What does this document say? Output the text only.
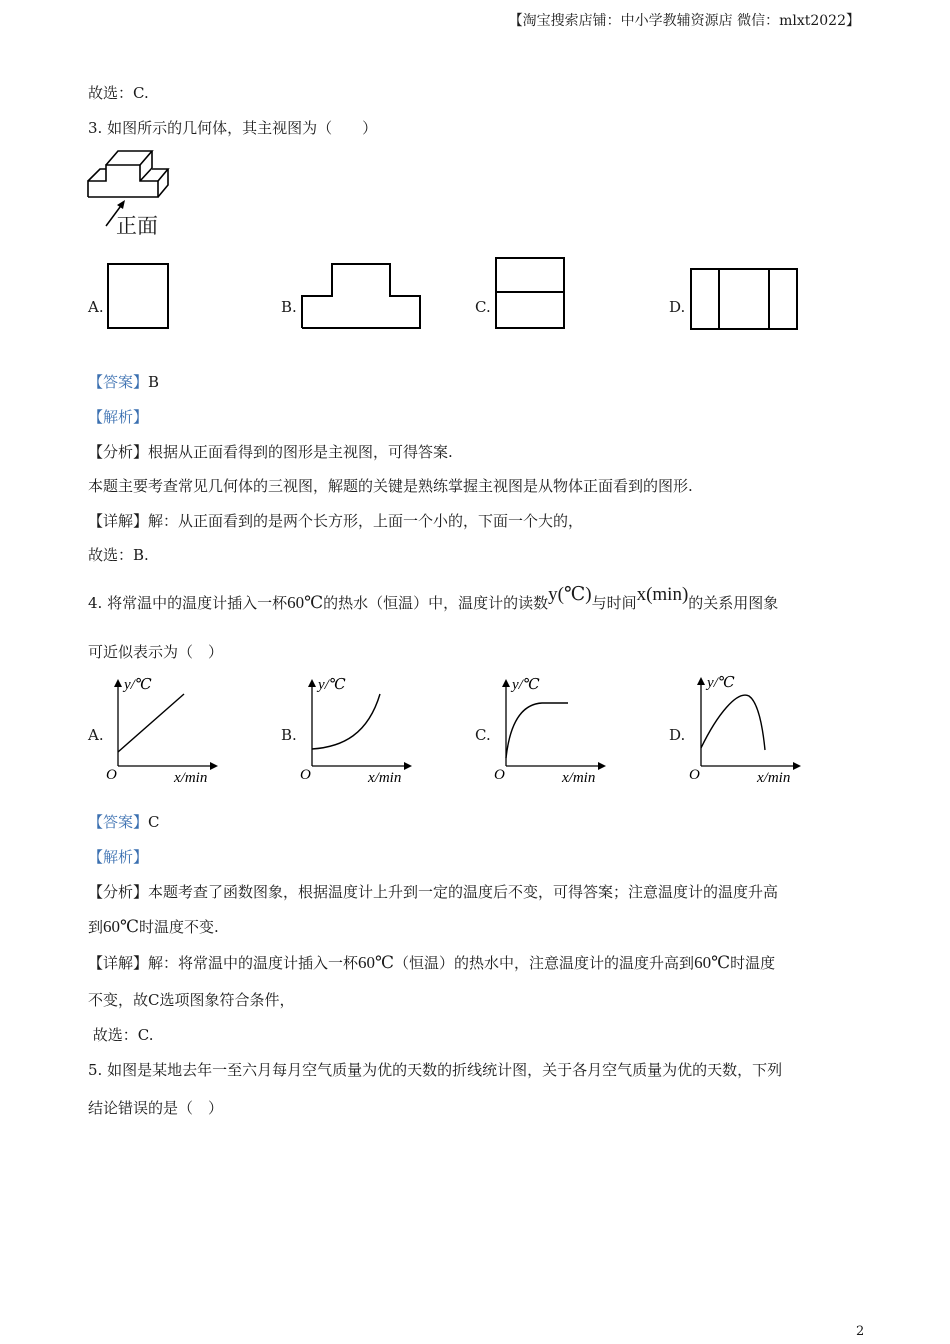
【淘宝搜索店铺：中小学教辅资源店 微信：mlxt2022】
故选：C.
3. 如图所示的几何体，其主视图为（　　）
正面
A.	B.	C.	D.
【答案】B
【解析】
【分析】根据从正面看得到的图形是主视图，可得答案.
本题主要考查常见几何体的三视图，解题的关键是熟练掌握主视图是从物体正面看到的图形.
【详解】解：从正面看到的是两个长方形，上面一个小的，下面一个大的，
故选：B.
4. 将常温中的温度计插入一杯60℃的热水（恒温）中，温度计的读数y(℃)与时间x(min)的关系用图象
可近似表示为（　）
A.	B.	C.	D.
y/℃
O	x/min
y/℃
O	x/min
y/℃
O	x/min
y/℃
O	x/min
【答案】C
【解析】
【分析】本题考查了函数图象，根据温度计上升到一定的温度后不变，可得答案；注意温度计的温度升高
到60℃时温度不变.
【详解】解：将常温中的温度计插入一杯60℃（恒温）的热水中，注意温度计的温度升高到60℃时温度
不变，故C选项图象符合条件，
故选：C.
5. 如图是某地去年一至六月每月空气质量为优的天数的折线统计图，关于各月空气质量为优的天数，下列
结论错误的是（　）
2
